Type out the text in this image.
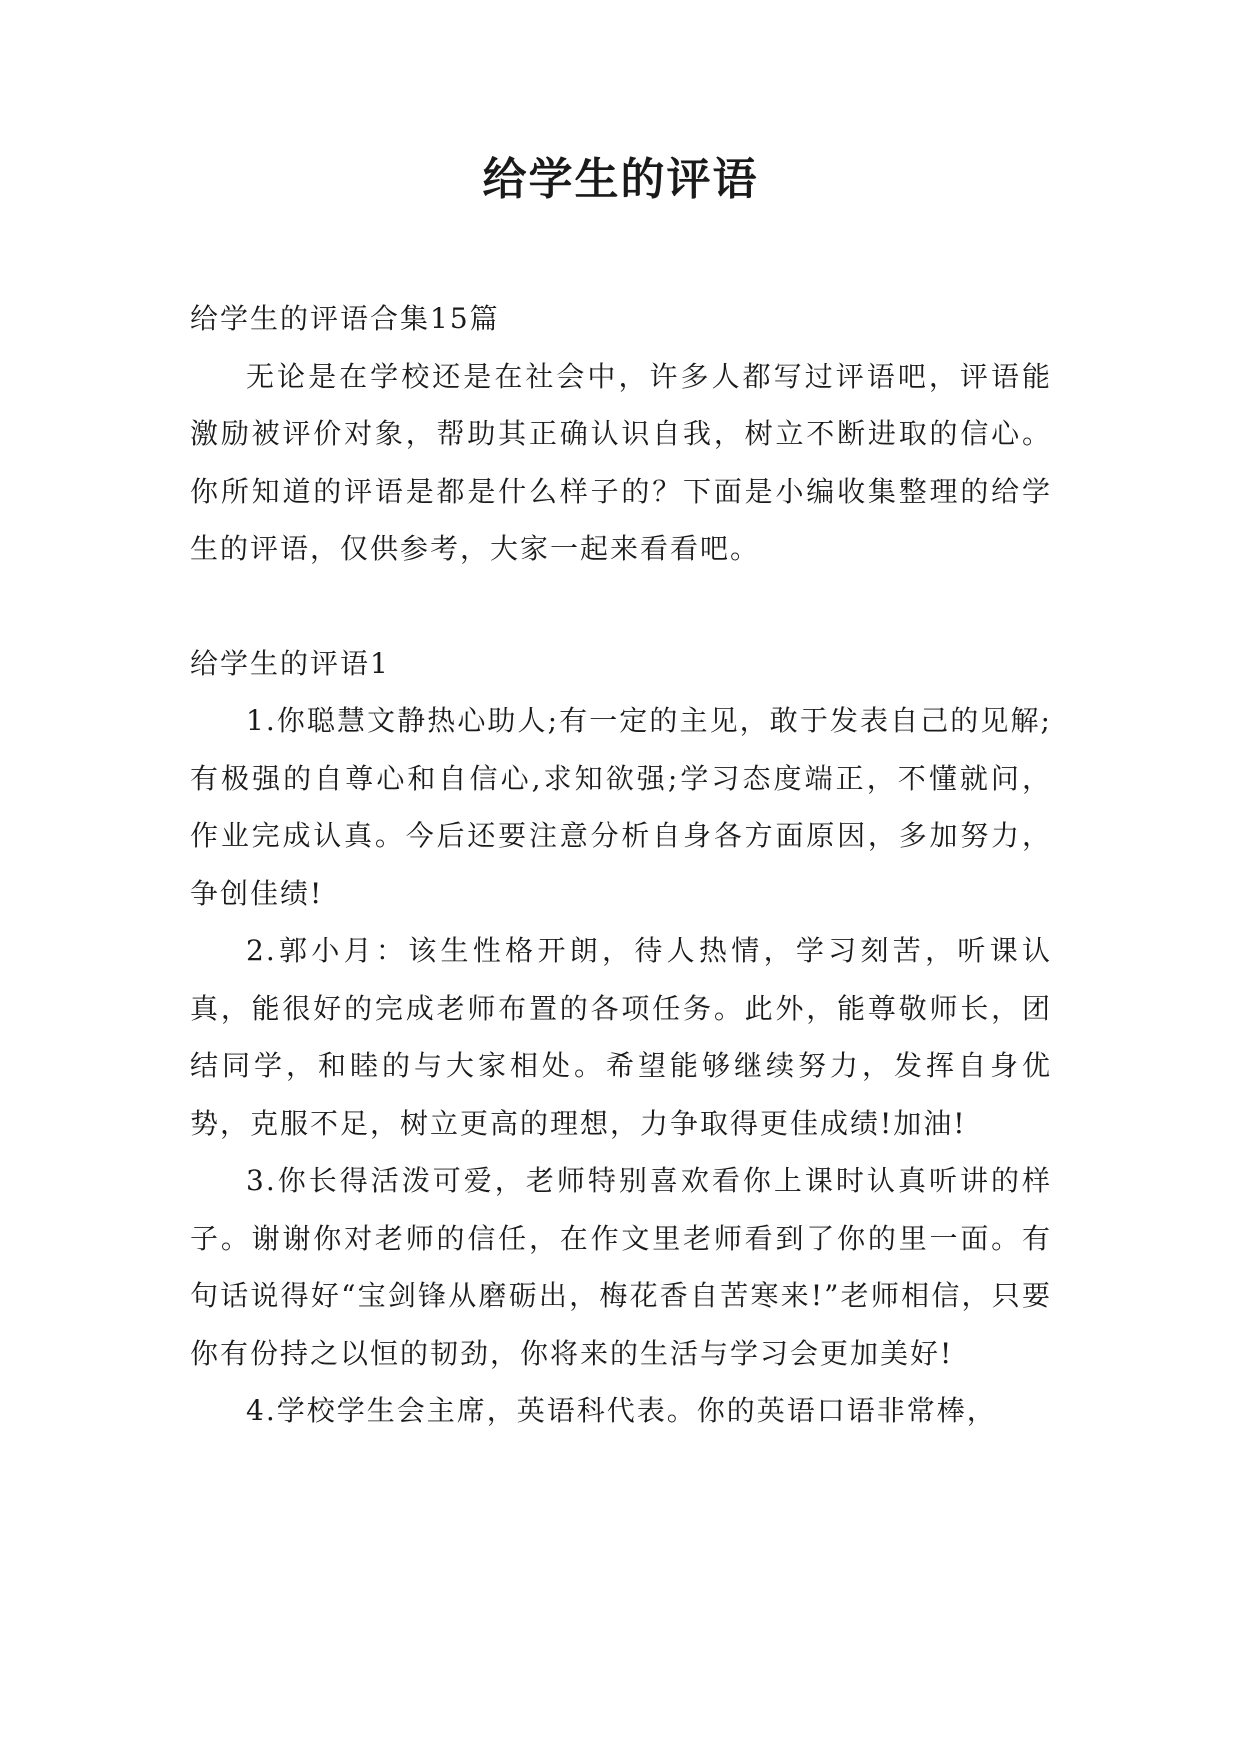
给学生的评语

给学生的评语合集15篇

无论是在学校还是在社会中，许多人都写过评语吧，评语能激励被评价对象，帮助其正确认识自我，树立不断进取的信心。你所知道的评语是都是什么样子的？下面是小编收集整理的给学生的评语，仅供参考，大家一起来看看吧。

给学生的评语1

1.你聪慧文静热心助人;有一定的主见，敢于发表自己的见解;有极强的自尊心和自信心,求知欲强;学习态度端正，不懂就问，作业完成认真。今后还要注意分析自身各方面原因，多加努力，争创佳绩!

2.郭小月：该生性格开朗，待人热情，学习刻苦，听课认真，能很好的完成老师布置的各项任务。此外，能尊敬师长，团结同学，和睦的与大家相处。希望能够继续努力，发挥自身优势，克服不足，树立更高的理想，力争取得更佳成绩!加油!

3.你长得活泼可爱，老师特别喜欢看你上课时认真听讲的样子。谢谢你对老师的信任，在作文里老师看到了你的里一面。有句话说得好“宝剑锋从磨砺出，梅花香自苦寒来!”老师相信，只要你有份持之以恒的韧劲，你将来的生活与学习会更加美好!

4.学校学生会主席，英语科代表。你的英语口语非常棒，
